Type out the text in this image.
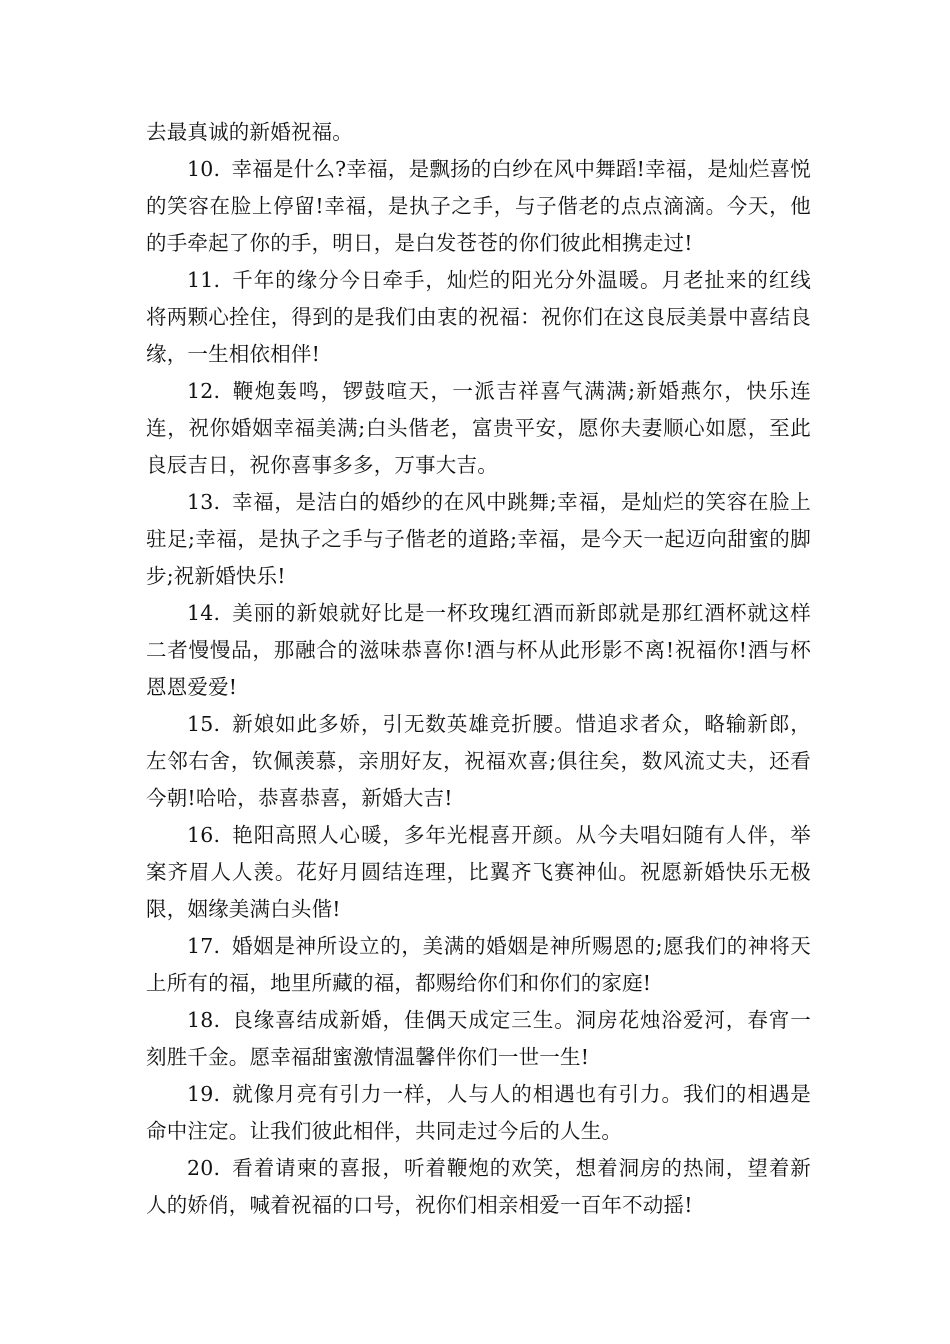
去最真诚的新婚祝福。

10. 幸福是什么?幸福，是飘扬的白纱在风中舞蹈!幸福，是灿烂喜悦的笑容在脸上停留!幸福，是执子之手，与子偕老的点点滴滴。今天，他的手牵起了你的手，明日，是白发苍苍的你们彼此相携走过!

11. 千年的缘分今日牵手，灿烂的阳光分外温暖。月老扯来的红线将两颗心拴住，得到的是我们由衷的祝福：祝你们在这良辰美景中喜结良缘，一生相依相伴!

12. 鞭炮轰鸣，锣鼓喧天，一派吉祥喜气满满;新婚燕尔，快乐连连，祝你婚姻幸福美满;白头偕老，富贵平安，愿你夫妻顺心如愿，至此良辰吉日，祝你喜事多多，万事大吉。

13. 幸福，是洁白的婚纱的在风中跳舞;幸福，是灿烂的笑容在脸上驻足;幸福，是执子之手与子偕老的道路;幸福，是今天一起迈向甜蜜的脚步;祝新婚快乐!

14. 美丽的新娘就好比是一杯玫瑰红酒而新郎就是那红酒杯就这样二者慢慢品，那融合的滋味恭喜你!酒与杯从此形影不离!祝福你!酒与杯恩恩爱爱!

15. 新娘如此多娇，引无数英雄竞折腰。惜追求者众，略输新郎，左邻右舍，钦佩羡慕，亲朋好友，祝福欢喜;俱往矣，数风流丈夫，还看今朝!哈哈，恭喜恭喜，新婚大吉!

16. 艳阳高照人心暖，多年光棍喜开颜。从今夫唱妇随有人伴，举案齐眉人人羡。花好月圆结连理，比翼齐飞赛神仙。祝愿新婚快乐无极限，姻缘美满白头偕!

17. 婚姻是神所设立的，美满的婚姻是神所赐恩的;愿我们的神将天上所有的福，地里所藏的福，都赐给你们和你们的家庭!

18. 良缘喜结成新婚，佳偶天成定三生。洞房花烛浴爱河，春宵一刻胜千金。愿幸福甜蜜激情温馨伴你们一世一生!

19. 就像月亮有引力一样，人与人的相遇也有引力。我们的相遇是命中注定。让我们彼此相伴，共同走过今后的人生。

20. 看着请柬的喜报，听着鞭炮的欢笑，想着洞房的热闹，望着新人的娇俏，喊着祝福的口号，祝你们相亲相爱一百年不动摇!
